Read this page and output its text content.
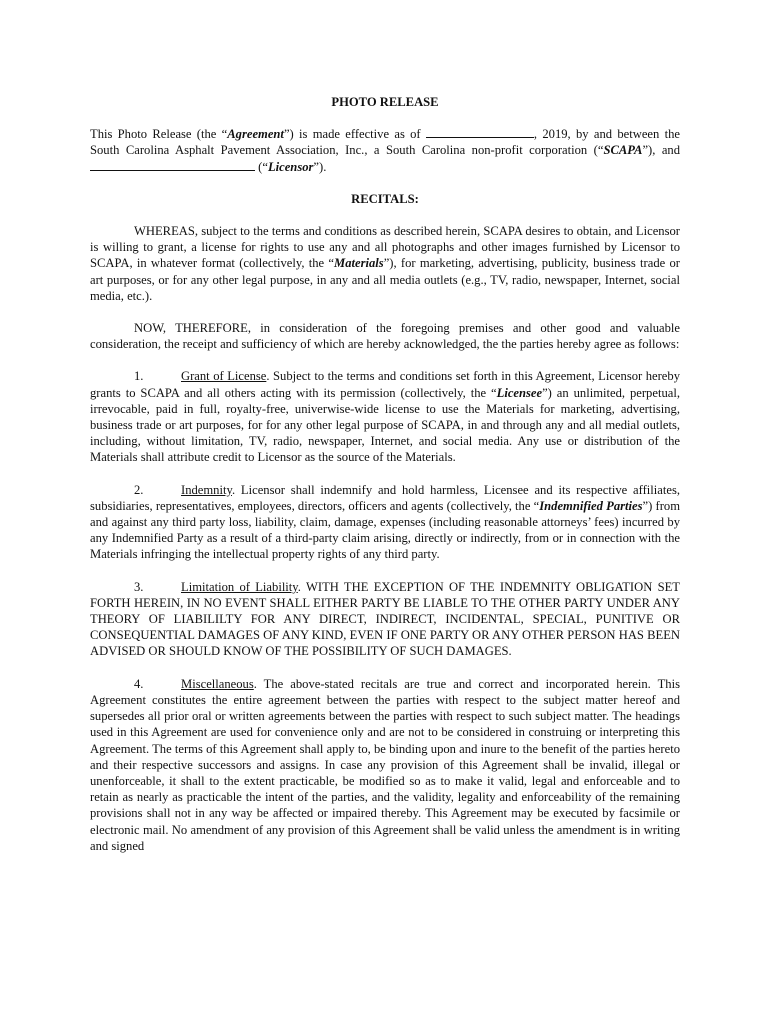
PHOTO RELEASE

This Photo Release (the “Agreement”) is made effective as of	, 2019, by and between the South Carolina Asphalt Pavement Association, Inc., a South Carolina non-profit corporation (“SCAPA”), and  (“Licensor”).

RECITALS:

WHEREAS, subject to the terms and conditions as described herein, SCAPA desires to obtain, and Licensor is willing to grant, a license for rights to use any and all photographs and other images furnished by Licensor to SCAPA, in whatever format (collectively, the “Materials”), for marketing, advertising, publicity, business trade or art purposes, or for any other legal purpose, in any and all media outlets (e.g., TV, radio, newspaper, Internet, social media, etc.).

NOW, THEREFORE, in consideration of the foregoing premises and other good and valuable consideration, the receipt and sufficiency of which are hereby acknowledged, the the parties hereby agree as follows:

1.	Grant of License. Subject to the terms and conditions set forth in this Agreement, Licensor hereby grants to SCAPA and all others acting with its permission (collectively, the “Licensee”) an unlimited, perpetual, irrevocable, paid in full, royalty-free, univerwise-wide license to use the Materials for marketing, advertising, business trade or art purposes, for for any other legal purpose of SCAPA, in and through any and all medial outlets, including, without limitation, TV, radio, newspaper, Internet, and social media. Any use or distribution of the Materials shall attribute credit to Licensor as the source of the Materials.

2.	Indemnity. Licensor shall indemnify and hold harmless, Licensee and its respective affiliates, subsidiaries, representatives, employees, directors, officers and agents (collectively, the “Indemnified Parties”) from and against any third party loss, liability, claim, damage, expenses (including reasonable attorneys’ fees) incurred by any Indemnified Party as a result of a third-party claim arising, directly or indirectly, from or in connection with the Materials infringing the intellectual property rights of any third party.

3.	Limitation of Liability. WITH THE EXCEPTION OF THE INDEMNITY OBLIGATION SET FORTH HEREIN, IN NO EVENT SHALL EITHER PARTY BE LIABLE TO THE OTHER PARTY UNDER ANY THEORY OF LIABILILTY FOR ANY DIRECT, INDIRECT, INCIDENTAL, SPECIAL, PUNITIVE OR CONSEQUENTIAL DAMAGES OF ANY KIND, EVEN IF ONE PARTY OR ANY OTHER PERSON HAS BEEN ADVISED OR SHOULD KNOW OF THE POSSIBILITY OF SUCH DAMAGES.

4.	Miscellaneous. The above-stated recitals are true and correct and incorporated herein. This Agreement constitutes the entire agreement between the parties with respect to the subject matter hereof and supersedes all prior oral or written agreements between the parties with respect to such subject matter. The headings used in this Agreement are used for convenience only and are not to be considered in construing or interpreting this Agreement. The terms of this Agreement shall apply to, be binding upon and inure to the benefit of the parties hereto and their respective successors and assigns. In case any provision of this Agreement shall be invalid, illegal or unenforceable, it shall to the extent practicable, be modified so as to make it valid, legal and enforceable and to retain as nearly as practicable the intent of the parties, and the validity, legality and enforceability of the remaining provisions shall not in any way be affected or impaired thereby. This Agreement may be executed by facsimile or electronic mail. No amendment of any provision of this Agreement shall be valid unless the amendment is in writing and signed
